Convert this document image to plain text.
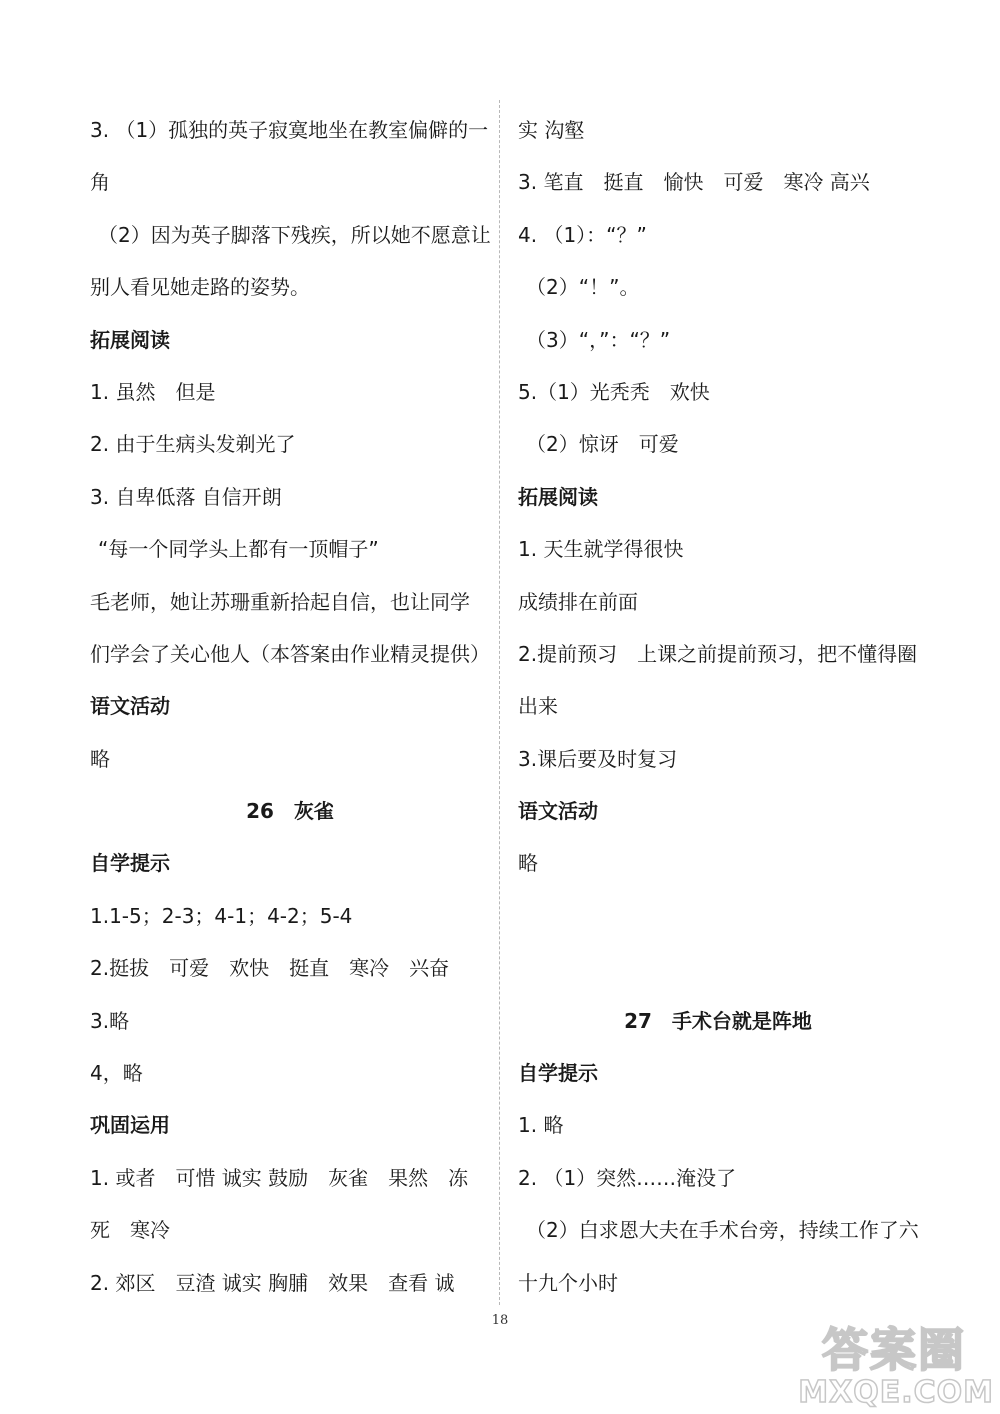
3. （1）孤独的英子寂寞地坐在教室偏僻的一
角
（2）因为英子脚落下残疾，所以她不愿意让
别人看见她走路的姿势。
拓展阅读
1. 虽然　但是
2. 由于生病头发剃光了
3. 自卑低落 自信开朗
“每一个同学头上都有一顶帽子”
毛老师，她让苏珊重新拾起自信，也让同学
们学会了关心他人（本答案由作业精灵提供）
语文活动
略
26　灰雀
自学提示
1.1-5；2-3；4-1；4-2；5-4
2.挺拔　可爱　欢快　挺直　寒冷　兴奋
3.略
4，略
巩固运用
1. 或者　可惜 诚实 鼓励　灰雀　果然　冻
死　寒冷
2. 郊区　豆渣 诚实 胸脯　效果　查看 诚
实 沟壑
3. 笔直　挺直　愉快　可爱　寒冷 高兴
4. （1）：“？”
（2）“！”。
（3）“，”：“？”
5.（1）光秃秃　欢快
（2）惊讶　可爱
拓展阅读
1. 天生就学得很快
成绩排在前面
2.提前预习　上课之前提前预习，把不懂得圈
出来
3.课后要及时复习
语文活动
略
27　手术台就是阵地
自学提示
1. 略
2. （1）突然……淹没了
（2）白求恩大夫在手术台旁，持续工作了六
十九个小时
18
答案圈
MXQE.COM
